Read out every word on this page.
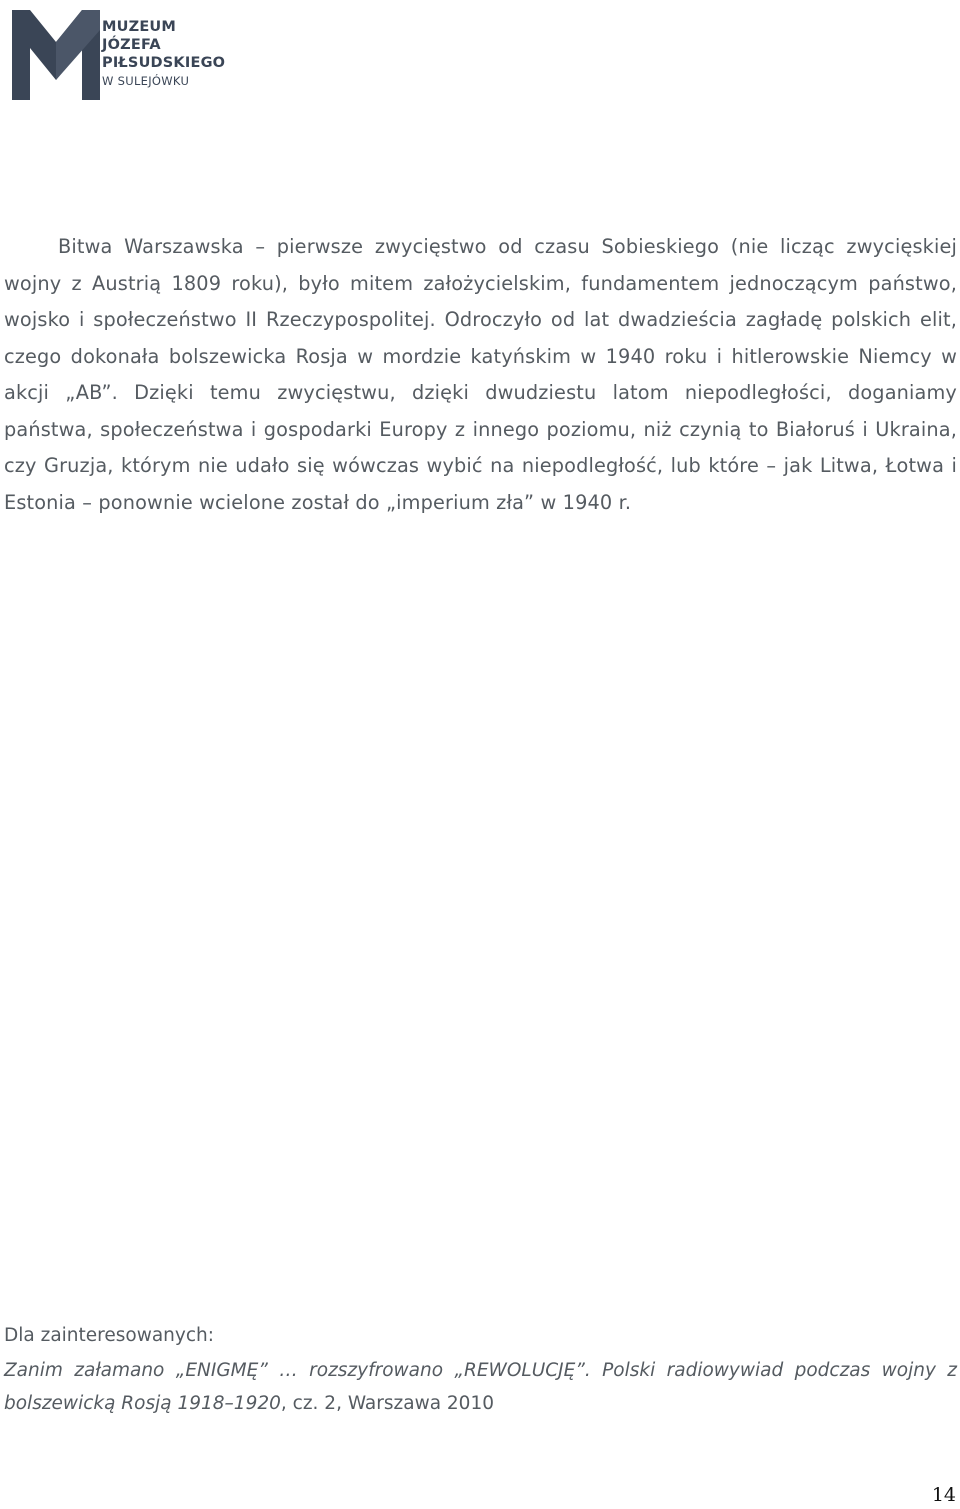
MUZEUM
JÓZEFA
PIŁSUDSKIEGO
W SULEJÓWKU

Bitwa Warszawska – pierwsze zwycięstwo od czasu Sobieskiego (nie licząc zwycięskiej wojny z Austrią 1809 roku), było mitem założycielskim, fundamentem jednoczącym państwo, wojsko i społeczeństwo II Rzeczypospolitej. Odroczyło od lat dwadzieścia zagładę polskich elit, czego dokonała bolszewicka Rosja w mordzie katyńskim w 1940 roku i hitlerowskie Niemcy w akcji „AB”. Dzięki temu zwycięstwu, dzięki dwudziestu latom niepodległości, doganiamy państwa, społeczeństwa i gospodarki Europy z innego poziomu, niż czynią to Białoruś i Ukraina, czy Gruzja, którym nie udało się wówczas wybić na niepodległość, lub które – jak Litwa, Łotwa i Estonia – ponownie wcielone został do „imperium zła” w 1940 r.

Dla zainteresowanych:

Zanim załamano „ENIGMĘ” … rozszyfrowano „REWOLUCJĘ”. Polski radiowywiad podczas wojny z bolszewicką Rosją 1918–1920, cz. 2, Warszawa 2010

14
